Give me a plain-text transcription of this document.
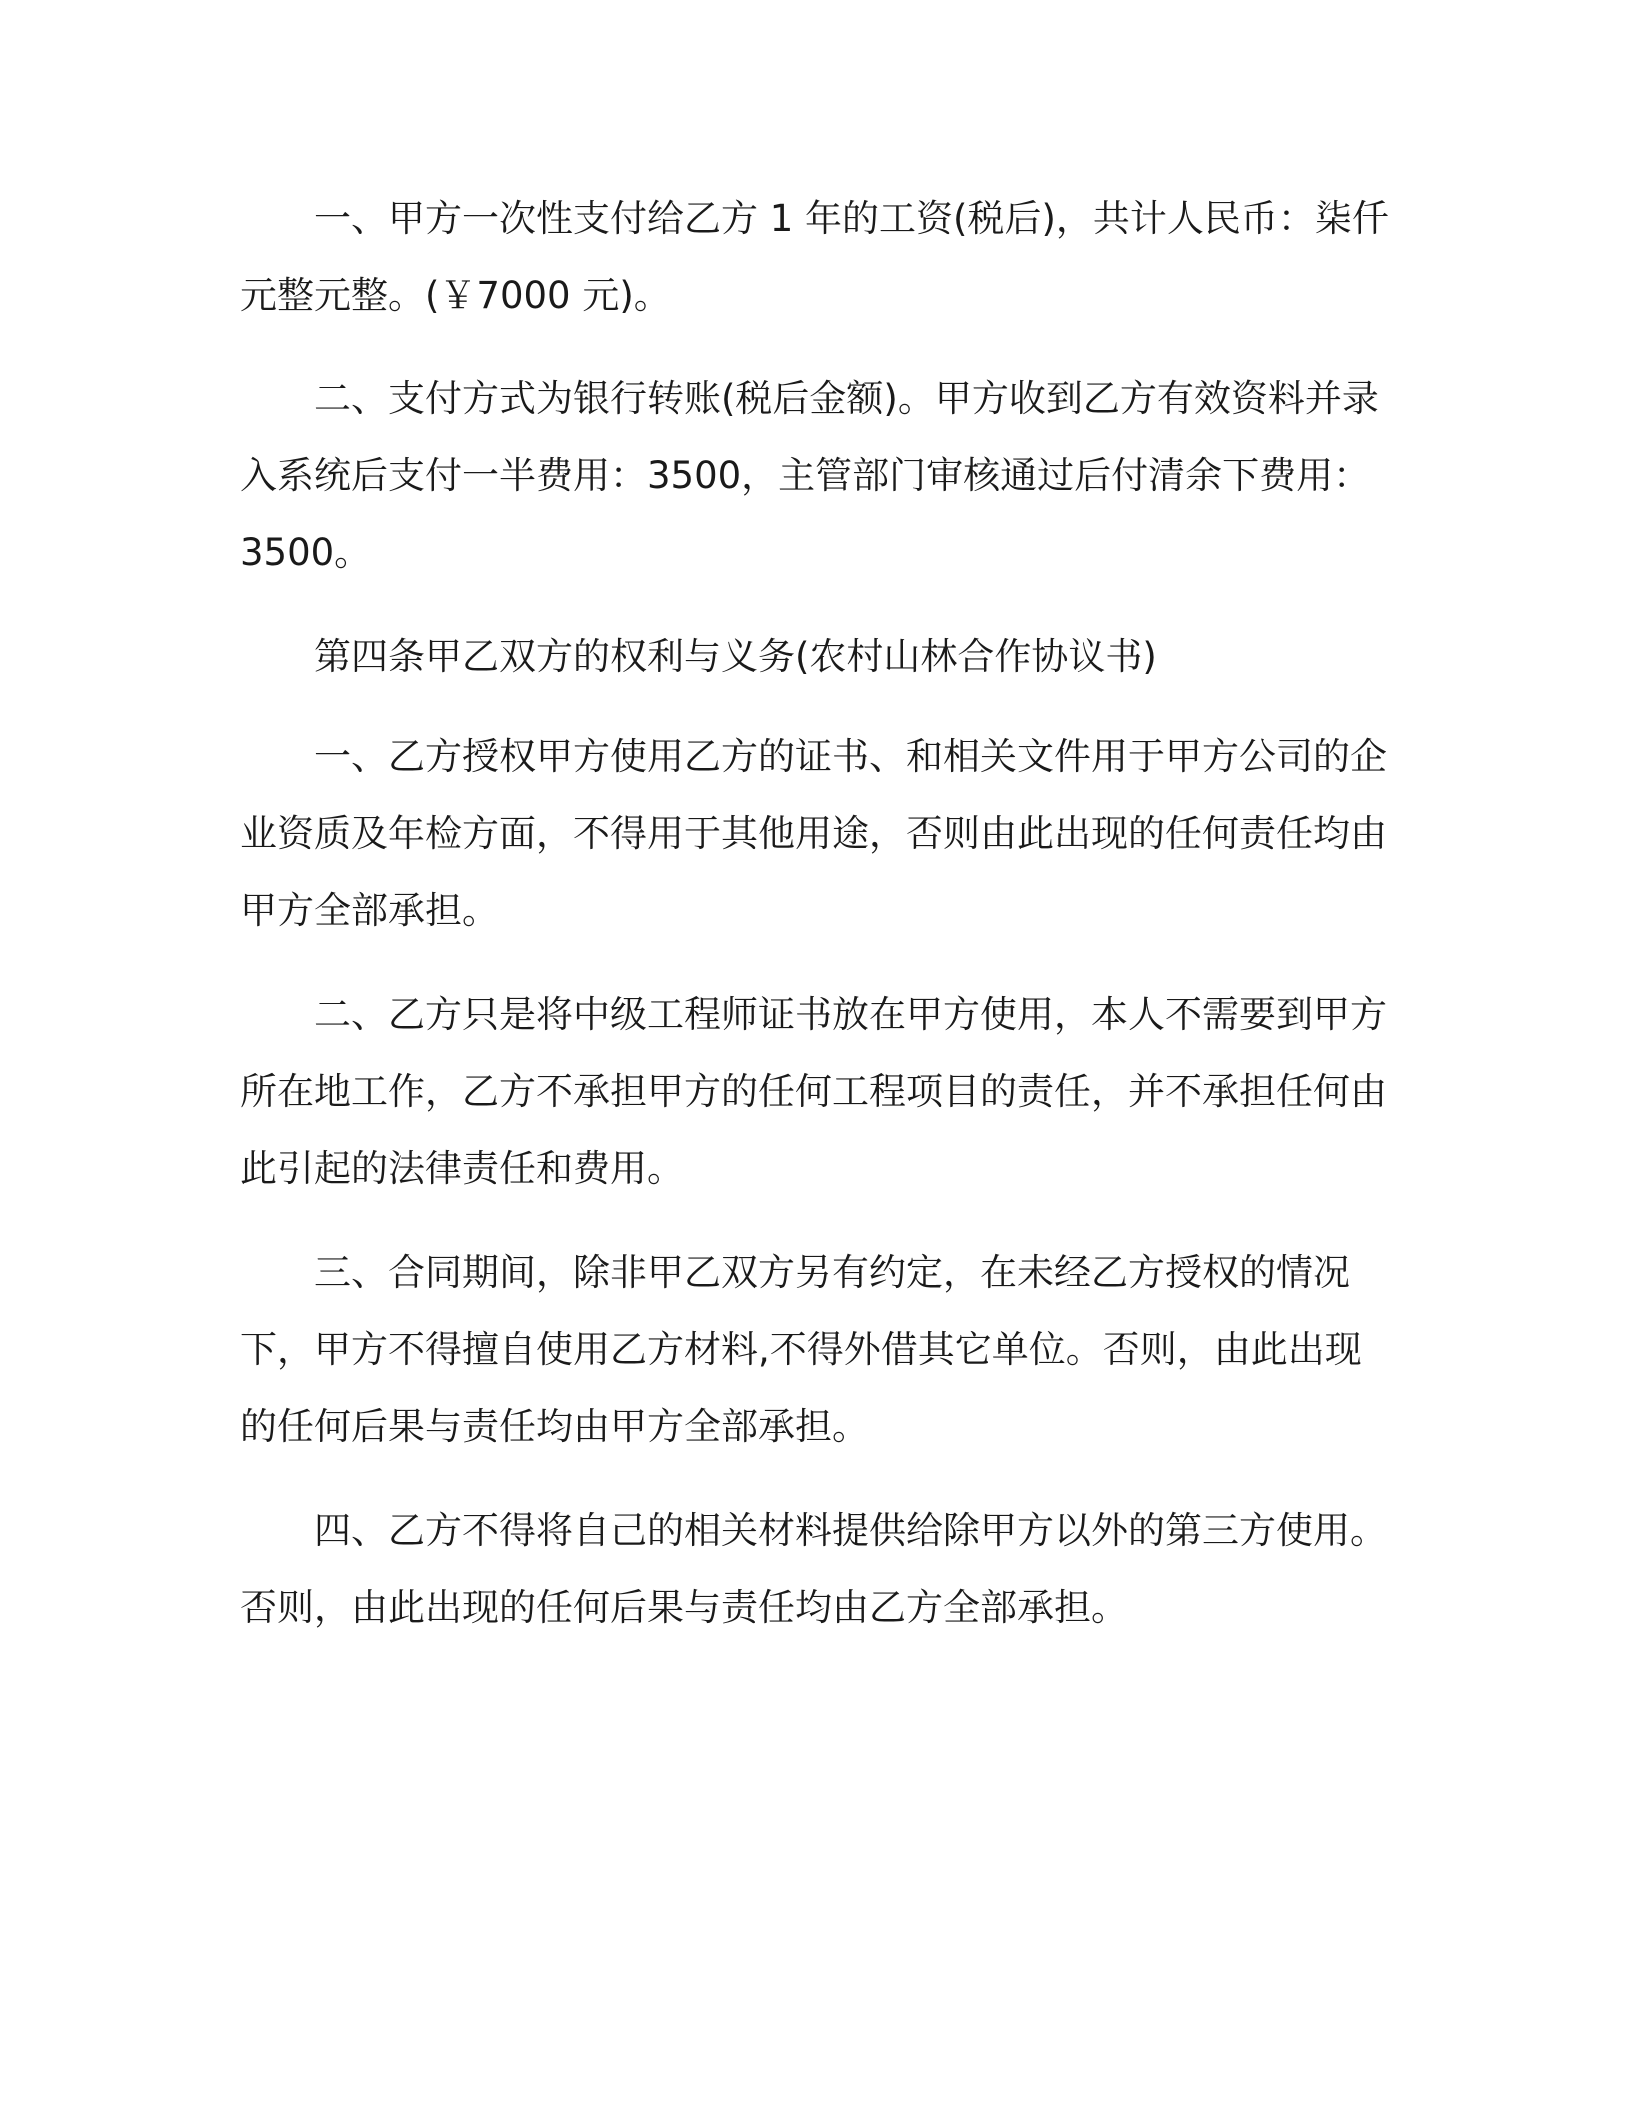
一、甲方一次性支付给乙方 1 年的工资(税后)，共计人民币：柒仟元整元整。(￥7000 元)。

二、支付方式为银行转账(税后金额)。甲方收到乙方有效资料并录入系统后支付一半费用：3500，主管部门审核通过后付清余下费用：3500。

第四条甲乙双方的权利与义务(农村山林合作协议书)

一、乙方授权甲方使用乙方的证书、和相关文件用于甲方公司的企业资质及年检方面，不得用于其他用途，否则由此出现的任何责任均由甲方全部承担。

二、乙方只是将中级工程师证书放在甲方使用，本人不需要到甲方所在地工作，乙方不承担甲方的任何工程项目的责任，并不承担任何由此引起的法律责任和费用。

三、合同期间，除非甲乙双方另有约定，在未经乙方授权的情况下，甲方不得擅自使用乙方材料,不得外借其它单位。否则，由此出现的任何后果与责任均由甲方全部承担。

四、乙方不得将自己的相关材料提供给除甲方以外的第三方使用。否则，由此出现的任何后果与责任均由乙方全部承担。
